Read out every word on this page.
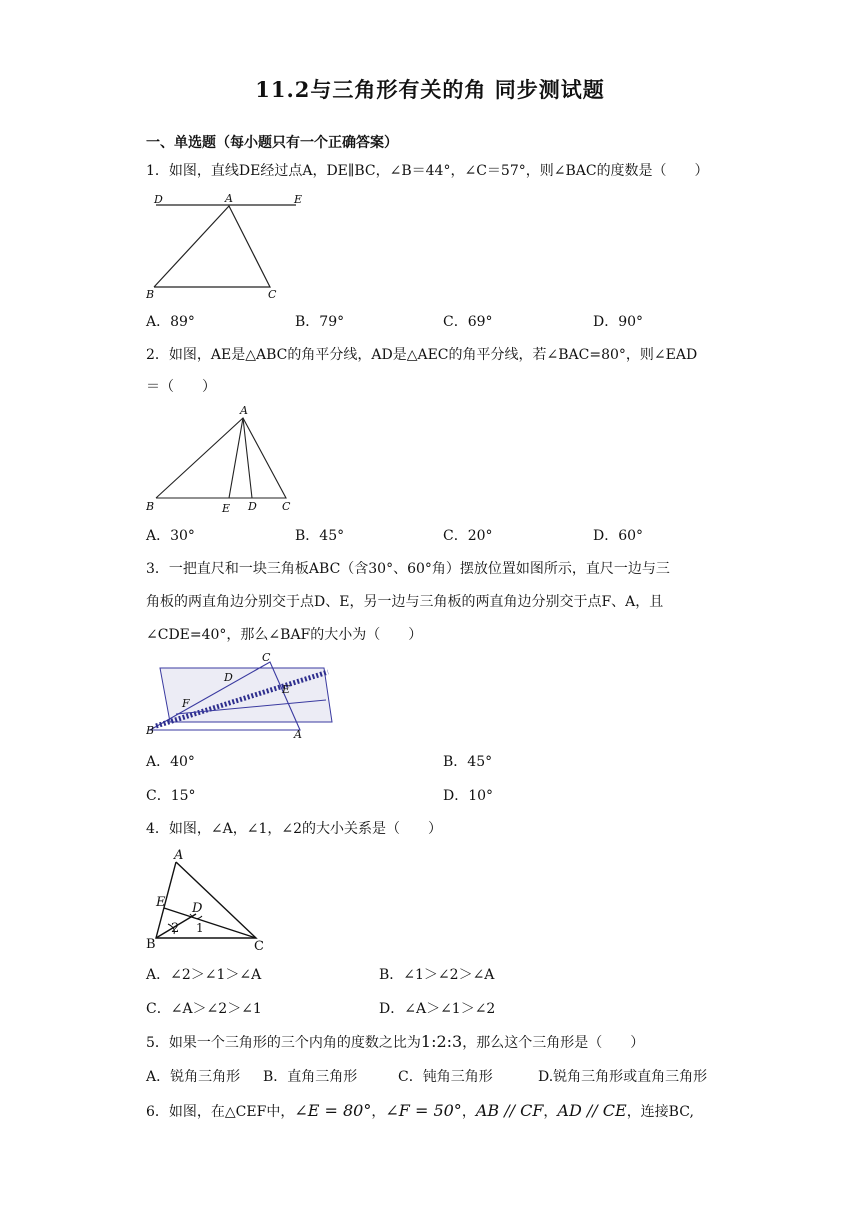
11.2与三角形有关的角 同步测试题
一、单选题（每小题只有一个正确答案）
1．如图，直线DE经过点A，DE∥BC，∠B＝44°，∠C＝57°，则∠BAC的度数是（　　）
D	A	E
B	C
A．89°	B．79°	C．69°	D．90°
2．如图，AE是△ABC的角平分线，AD是△AEC的角平分线，若∠BAC=80°，则∠EAD
＝（　　）
A
B	E D C
A．30°	B．45°	C．20°	D．60°
3．一把直尺和一块三角板ABC（含30°、60°角）摆放位置如图所示，直尺一边与三
角板的两直角边分别交于点D、E，另一边与三角板的两直角边分别交于点F、A，且
∠CDE=40°，那么∠BAF的大小为（　　）
C
D
E
F
B	A
A．40°	B．45°
C．15°	D．10°
4．如图，∠A，∠1，∠2的大小关系是（　　）
A
E D
2 1
B	C
A．∠2＞∠1＞∠A	B．∠1＞∠2＞∠A
C．∠A＞∠2＞∠1	D．∠A＞∠1＞∠2
5．如果一个三角形的三个内角的度数之比为1:2:3，那么这个三角形是（　　）
A．锐角三角形 B．直角三角形	C．钝角三角形	D.锐角三角形或直角三角形
6．如图，在△CEF中，∠E = 80°，∠F = 50°，AB // CF，AD // CE，连接BC,
